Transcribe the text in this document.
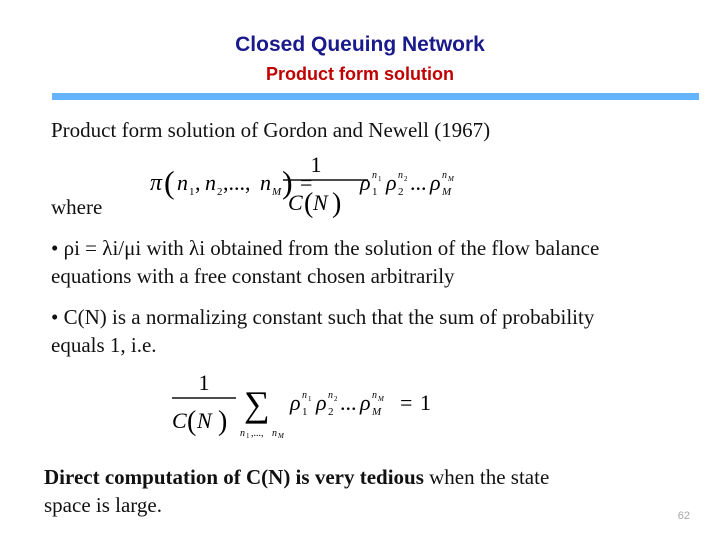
Closed Queuing Network
Product form solution
Product form solution of Gordon and Newell (1967)
π ( n 1 , n 2 ,..., n M ) =
1
C ( N )
ρ 1
n 1 ρ 2
n 2 ... ρ M
n M
where
• ρi = λi/μi with λi obtained from the solution of the flow balance
equations with a free constant chosen arbitrarily
• C(N) is a normalizing constant such that the sum of probability
equals 1, i.e.
1
C ( N ) ∑
n 1 ,..., n M
ρ 1
n 1 ρ 2
n 2 ... ρ M
n M = 1
Direct computation of C(N) is very tedious when the state
space is large.	62
